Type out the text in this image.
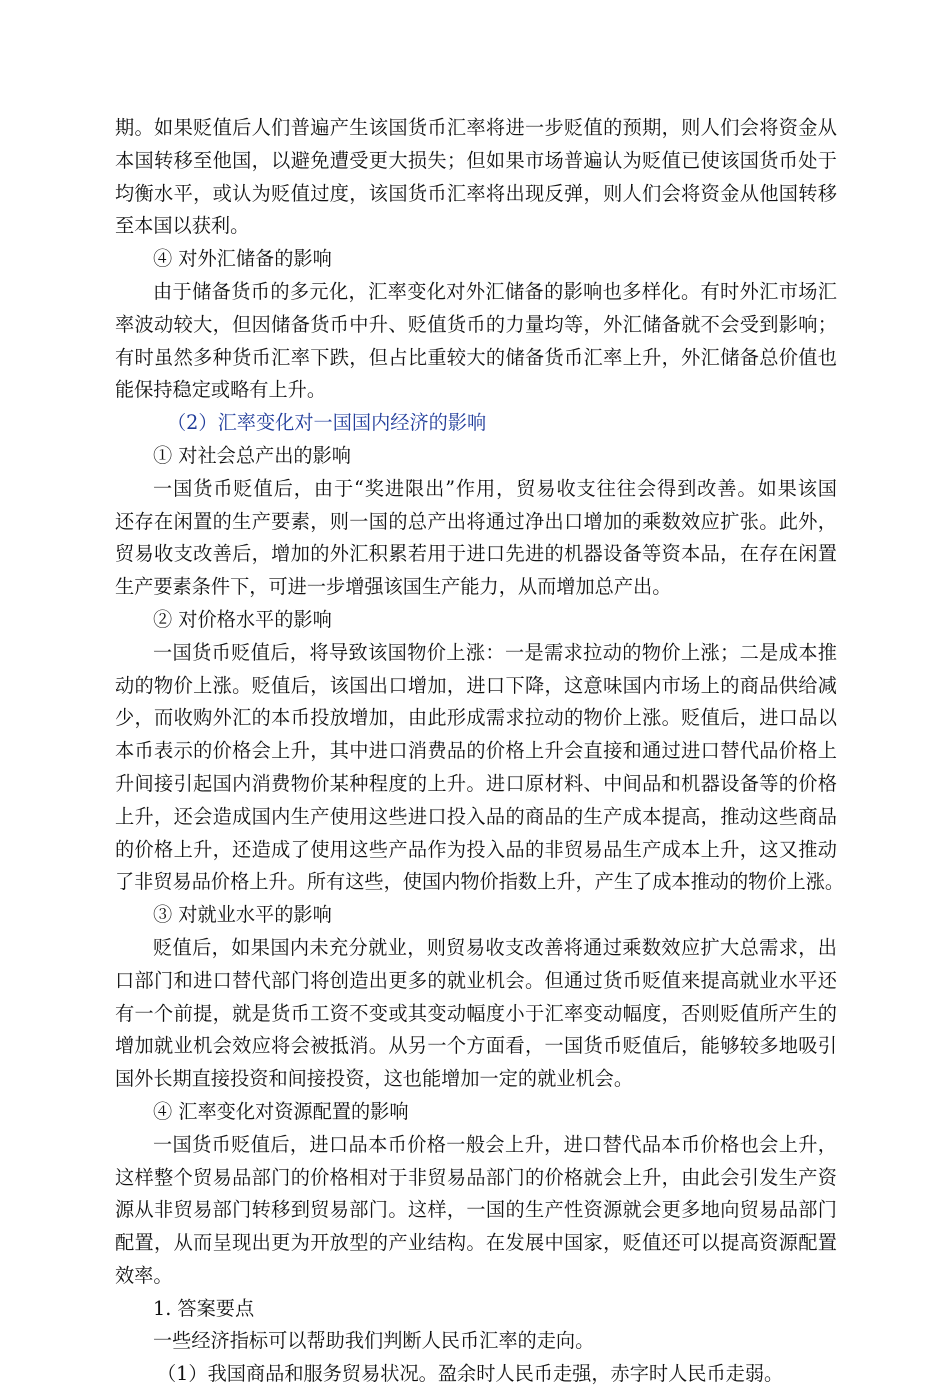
期。如果贬值后人们普遍产生该国货币汇率将进一步贬值的预期，则人们会将资金从

本国转移至他国，以避免遭受更大损失；但如果市场普遍认为贬值已使该国货币处于

均衡水平，或认为贬值过度，该国货币汇率将出现反弹，则人们会将资金从他国转移

至本国以获利。

④ 对外汇储备的影响

由于储备货币的多元化，汇率变化对外汇储备的影响也多样化。有时外汇市场汇

率波动较大，但因储备货币中升、贬值货币的力量均等，外汇储备就不会受到影响；

有时虽然多种货币汇率下跌，但占比重较大的储备货币汇率上升，外汇储备总价值也

能保持稳定或略有上升。

（2）汇率变化对一国国内经济的影响

① 对社会总产出的影响

一国货币贬值后，由于“奖进限出”作用，贸易收支往往会得到改善。如果该国

还存在闲置的生产要素，则一国的总产出将通过净出口增加的乘数效应扩张。此外，

贸易收支改善后，增加的外汇积累若用于进口先进的机器设备等资本品，在存在闲置

生产要素条件下，可进一步增强该国生产能力，从而增加总产出。

② 对价格水平的影响

一国货币贬值后，将导致该国物价上涨：一是需求拉动的物价上涨；二是成本推

动的物价上涨。贬值后，该国出口增加，进口下降，这意味国内市场上的商品供给减

少，而收购外汇的本币投放增加，由此形成需求拉动的物价上涨。贬值后，进口品以

本币表示的价格会上升，其中进口消费品的价格上升会直接和通过进口替代品价格上

升间接引起国内消费物价某种程度的上升。进口原材料、中间品和机器设备等的价格

上升，还会造成国内生产使用这些进口投入品的商品的生产成本提高，推动这些商品

的价格上升，还造成了使用这些产品作为投入品的非贸易品生产成本上升，这又推动

了非贸易品价格上升。所有这些，使国内物价指数上升，产生了成本推动的物价上涨。

③ 对就业水平的影响

贬值后，如果国内未充分就业，则贸易收支改善将通过乘数效应扩大总需求，出

口部门和进口替代部门将创造出更多的就业机会。但通过货币贬值来提高就业水平还

有一个前提，就是货币工资不变或其变动幅度小于汇率变动幅度，否则贬值所产生的

增加就业机会效应将会被抵消。从另一个方面看，一国货币贬值后，能够较多地吸引

国外长期直接投资和间接投资，这也能增加一定的就业机会。

④ 汇率变化对资源配置的影响

一国货币贬值后，进口品本币价格一般会上升，进口替代品本币价格也会上升，

这样整个贸易品部门的价格相对于非贸易品部门的价格就会上升，由此会引发生产资

源从非贸易部门转移到贸易部门。这样，一国的生产性资源就会更多地向贸易品部门

配置，从而呈现出更为开放型的产业结构。在发展中国家，贬值还可以提高资源配置

效率。

1. 答案要点

一些经济指标可以帮助我们判断人民币汇率的走向。

（1）我国商品和服务贸易状况。盈余时人民币走强，赤字时人民币走弱。
